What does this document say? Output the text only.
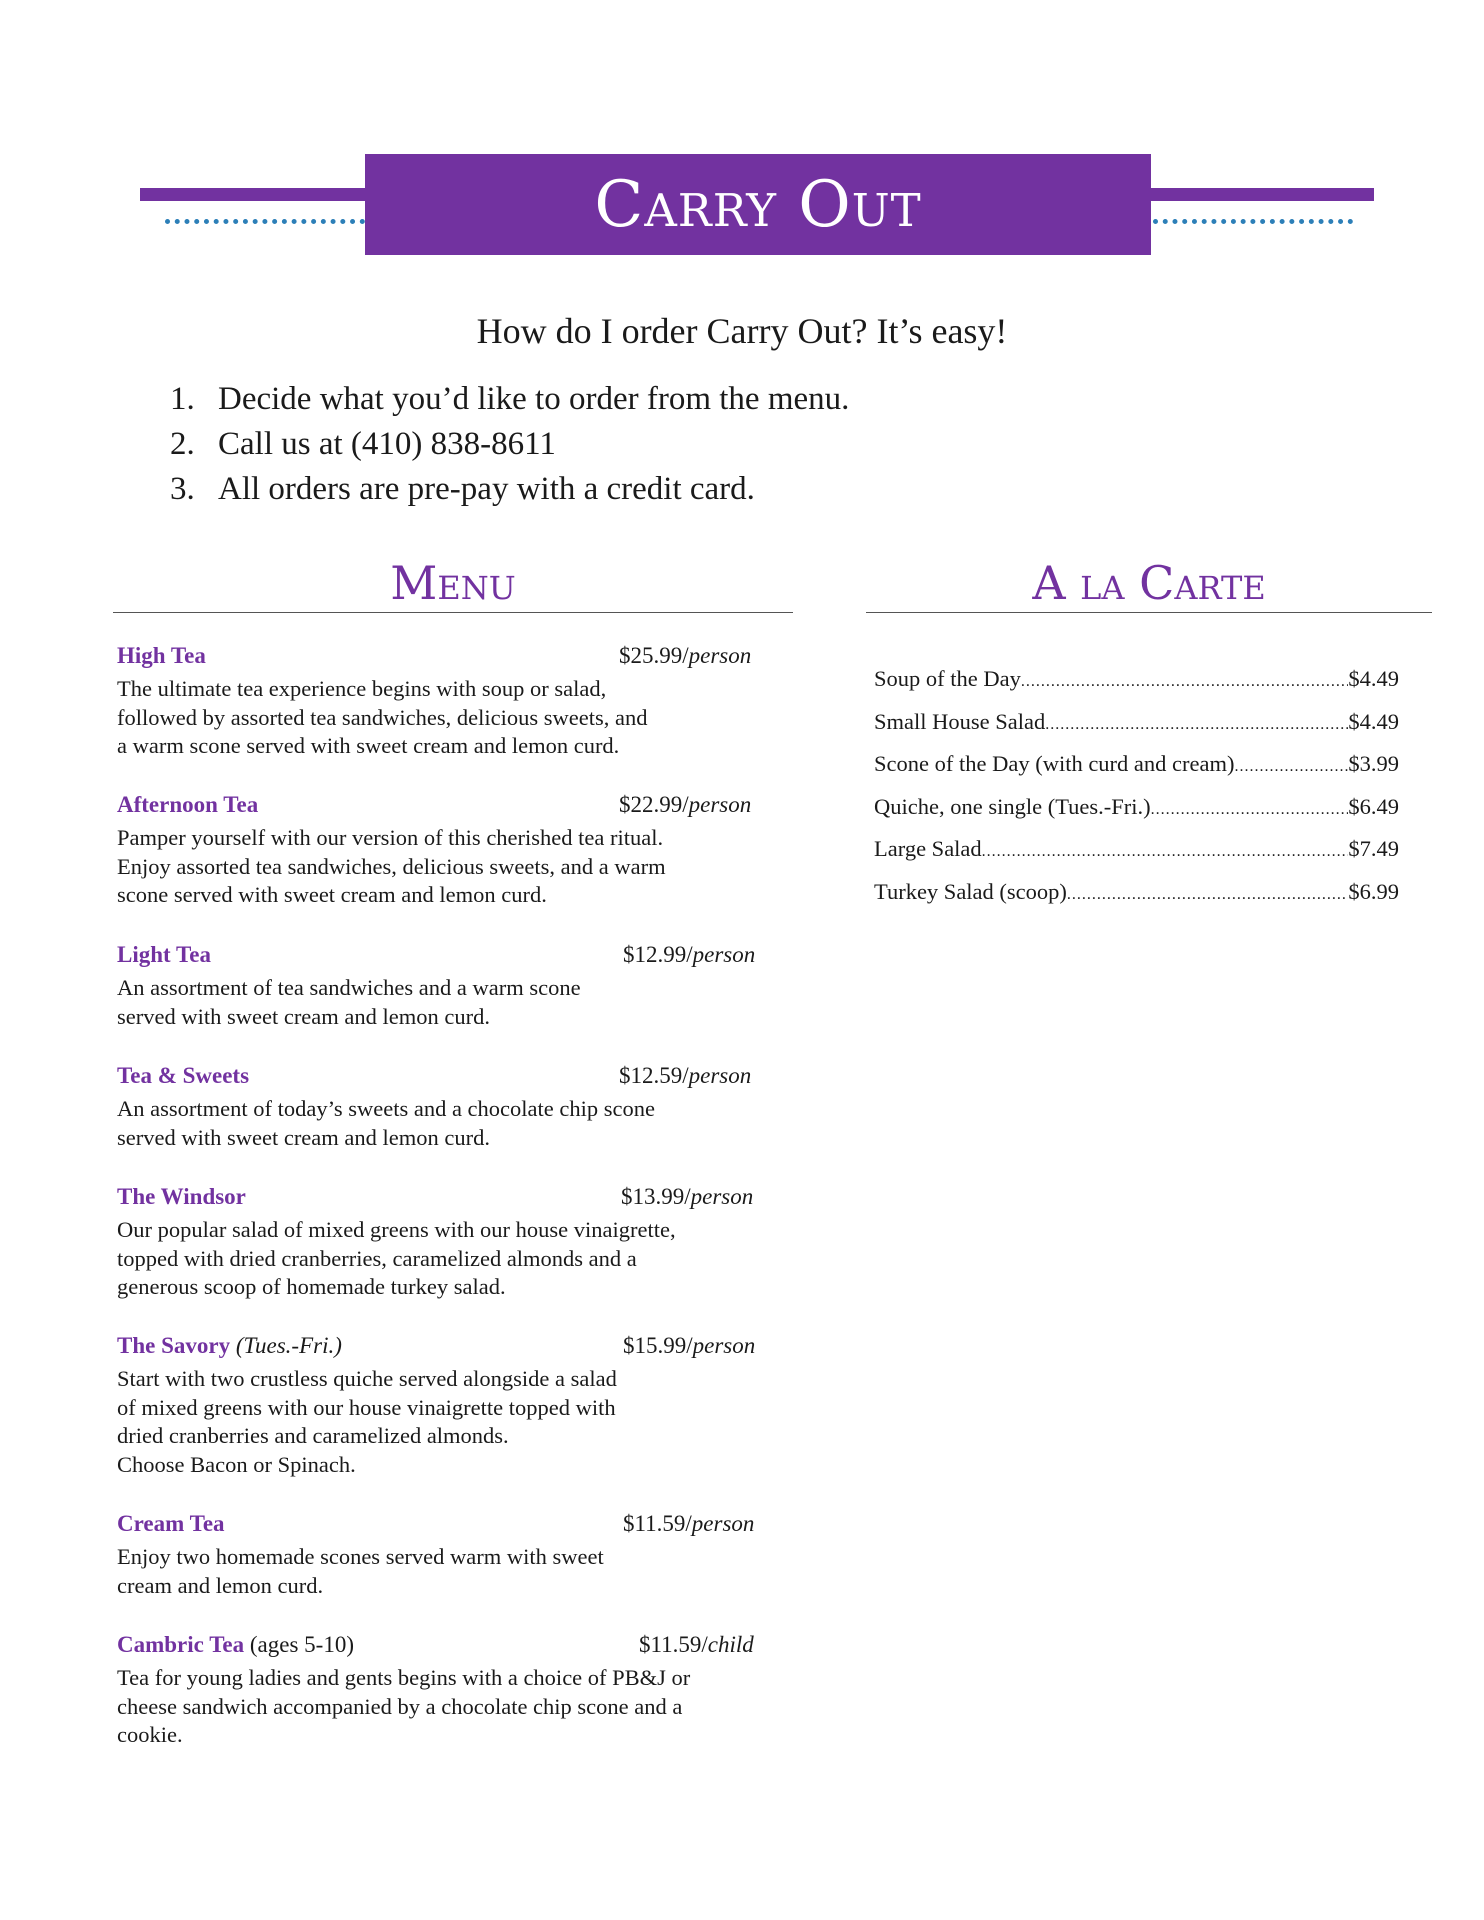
Carry Out
How do I order Carry Out? It’s easy!
1. Decide what you’d like to order from the menu.
2. Call us at (410) 838-8611
3. All orders are pre-pay with a credit card.
Menu	A la Carte
High Tea	$25.99/person
The ultimate tea experience begins with soup or salad,
followed by assorted tea sandwiches, delicious sweets, and
a warm scone served with sweet cream and lemon curd.
Afternoon Tea	$22.99/person
Pamper yourself with our version of this cherished tea ritual.
Enjoy assorted tea sandwiches, delicious sweets, and a warm
scone served with sweet cream and lemon curd.
Light Tea	$12.99/person
An assortment of tea sandwiches and a warm scone
served with sweet cream and lemon curd.
Tea & Sweets	$12.59/person
An assortment of today’s sweets and a chocolate chip scone
served with sweet cream and lemon curd.
The Windsor	$13.99/person
Our popular salad of mixed greens with our house vinaigrette,
topped with dried cranberries, caramelized almonds and a
generous scoop of homemade turkey salad.
The Savory (Tues.-Fri.)	$15.99/person
Start with two crustless quiche served alongside a salad
of mixed greens with our house vinaigrette topped with
dried cranberries and caramelized almonds.
Choose Bacon or Spinach.
Cream Tea	$11.59/person
Enjoy two homemade scones served warm with sweet
cream and lemon curd.
Cambric Tea (ages 5-10)	$11.59/child
Tea for young ladies and gents begins with a choice of PB&J or
cheese sandwich accompanied by a chocolate chip scone and a
cookie.
Soup of the Day .....	$4.49
Small House Salad .....	$4.49
Scone of the Day (with curd and cream) .....	$3.99
Quiche, one single (Tues.-Fri.) .....	$6.49
Large Salad .....	$7.49
Turkey Salad (scoop) .....	$6.99
